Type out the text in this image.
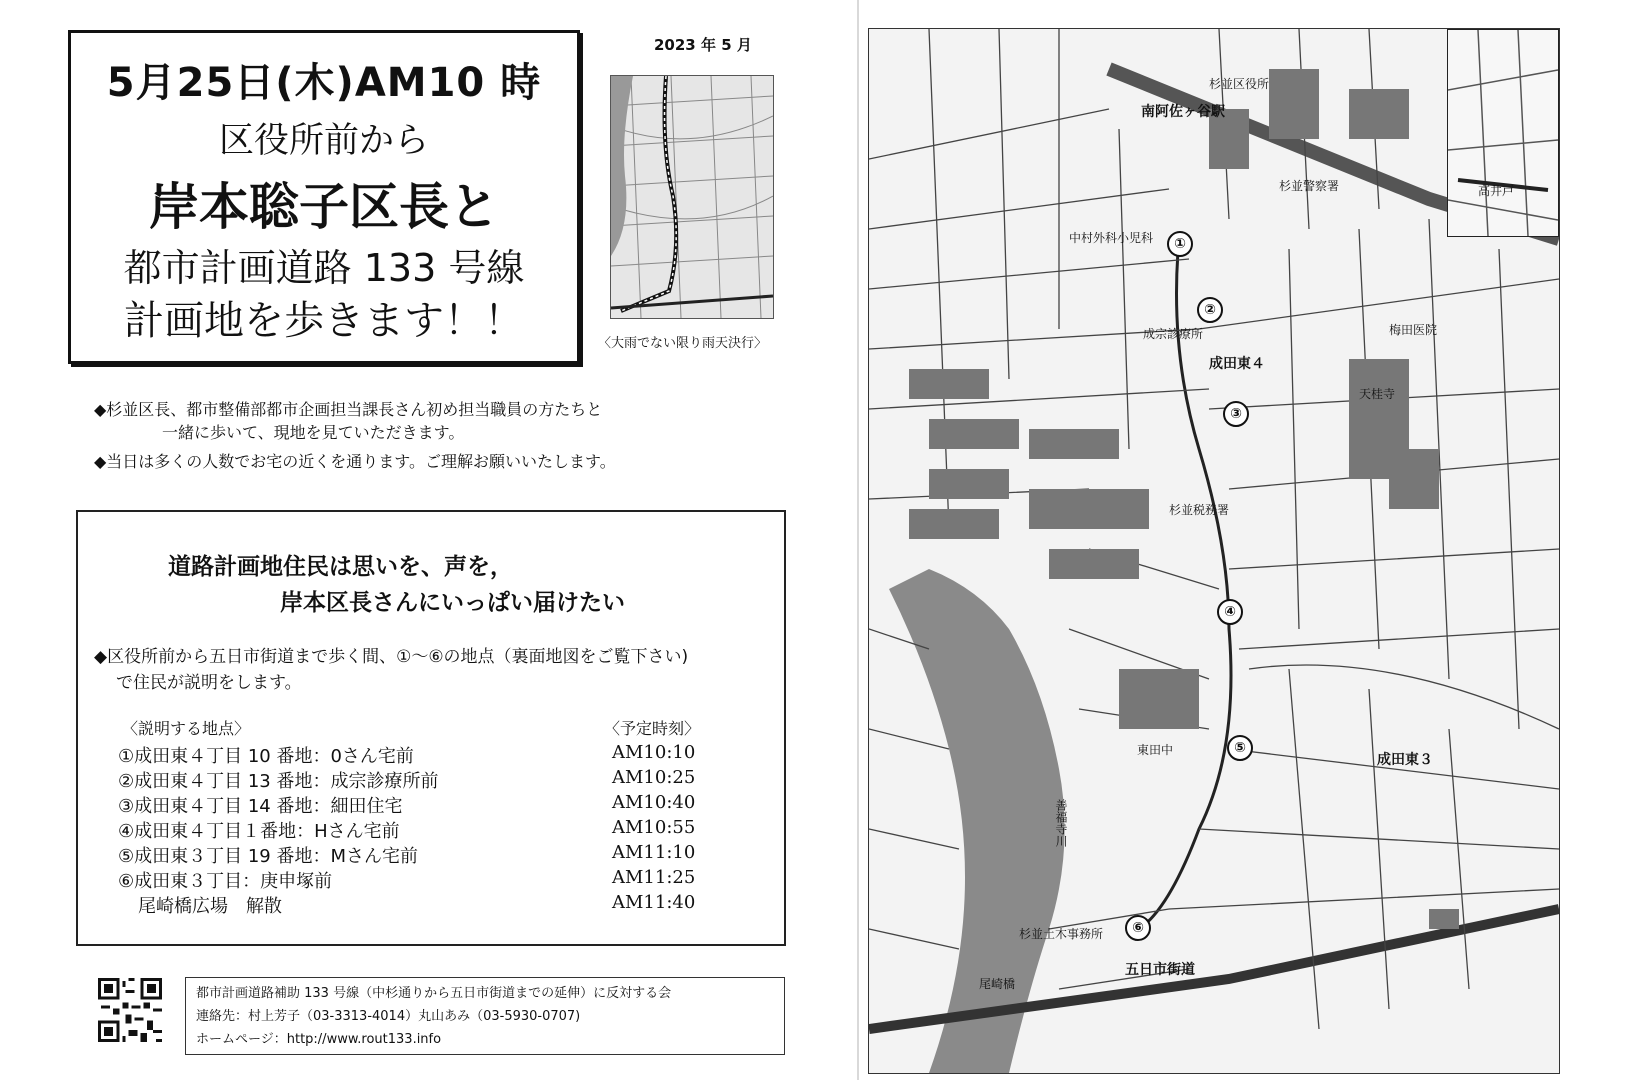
2023 年 5 月
5月25日(木)AM10 時
区役所前から
岸本聡子区長と
都市計画道路 133 号線
計画地を歩きます！！	〈大雨でない限り雨天決行〉
◆杉並区長、都市整備部都市企画担当課長さん初め担当職員の方たちと
一緒に歩いて、現地を見ていただきます。
◆当日は多くの人数でお宅の近くを通ります。ご理解お願いいたします。
道路計画地住民は思いを、声を，
岸本区長さんにいっぱい届けたい
◆区役所前から五日市街道まで歩く間、①～⑥の地点（裏面地図をご覧下さい)
で住民が説明をします。
〈説明する地点〉	〈予定時刻〉
①成田東４丁目 10 番地：0さん宅前	AM10:10
②成田東４丁目 13 番地：成宗診療所前	AM10:25
③成田東４丁目 14 番地：細田住宅	AM10:40
④成田東４丁目１番地：Hさん宅前	AM10:55
⑤成田東３丁目 19 番地：Mさん宅前	AM11:10
⑥成田東３丁目：庚申塚前	AM11:25
尾崎橋広場　解散	AM11:40
都市計画道路補助 133 号線（中杉通りから五日市街道までの延伸）に反対する会
連絡先：村上芳子（03-3313-4014）丸山あみ（03-5930-0707)
ホームページ：http://www.rout133.info
高井戸
南阿佐ヶ谷駅
杉並区役所
杉並警察署
中村外科小児科
成宗診療所
成田東４
梅田医院
天桂寺
杉並税務署
東田中
成田東３
杉並土木事務所
五日市街道
尾崎橋
善福寺川
①
②
③
④
⑤
⑥
